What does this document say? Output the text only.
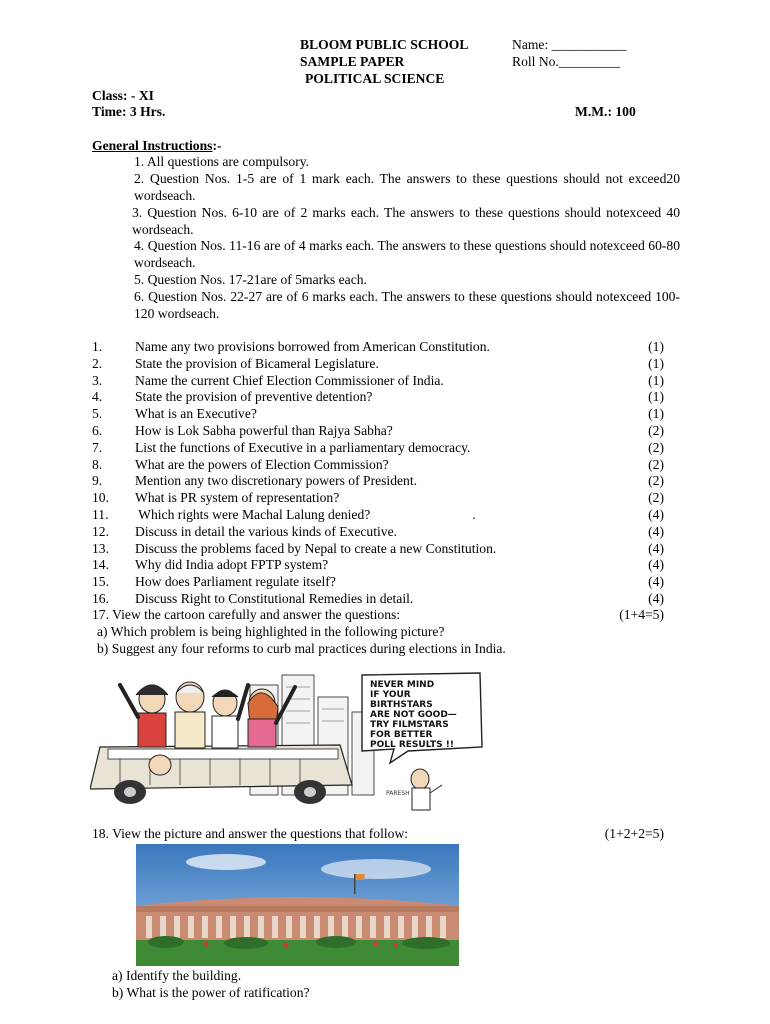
BLOOM PUBLIC SCHOOL
SAMPLE PAPER
POLITICAL SCIENCE
Name: ___________
Roll No._________
Class: - XI
Time: 3 Hrs.	M.M.: 100
General Instructions:-
1. All questions are compulsory.
2. Question Nos. 1-5 are of 1 mark each. The answers to these questions should not exceed20 wordseach.
3. Question Nos. 6-10 are of 2 marks each. The answers to these questions should notexceed 40 wordseach.
4. Question Nos. 11-16 are of 4 marks each. The answers to these questions should notexceed 60-80 wordseach.
5. Question Nos. 17-21are of 5marks each.
6. Question Nos. 22-27 are of 6 marks each. The answers to these questions should notexceed 100-120 wordseach.
1. Name any two provisions borrowed from American Constitution.	(1)
2. State the provision of Bicameral Legislature.	(1)
3. Name the current Chief Election Commissioner of India.	(1)
4. State the provision of preventive detention?	(1)
5. What is an Executive?	(1)
6. How is Lok Sabha powerful than Rajya Sabha?	(2)
7. List the functions of Executive in a parliamentary democracy.	(2)
8. What are the powers of Election Commission?	(2)
9. Mention any two discretionary powers of President.	(2)
10. What is PR system of representation?	(2)
11. Which rights were Machal Lalung denied?                              .	(4)
12. Discuss in detail the various kinds of Executive.	(4)
13. Discuss the problems faced by Nepal to create a new Constitution.	(4)
14. Why did India adopt FPTP system?	(4)
15. How does Parliament regulate itself?	(4)
16. Discuss Right to Constitutional Remedies in detail.	(4)
17. View the cartoon carefully and answer the questions:	(1+4=5)
a) Which problem is being highlighted in the following picture?
b) Suggest any four reforms to curb mal practices during elections in India.
NEVER MIND
IF YOUR
BIRTHSTARS
ARE NOT GOOD—
TRY FILMSTARS
FOR BETTER
POLL RESULTS !!
PARESH
18. View the picture and answer the questions that follow:	(1+2+2=5)
a) Identify the building.
b) What is the power of ratification?
